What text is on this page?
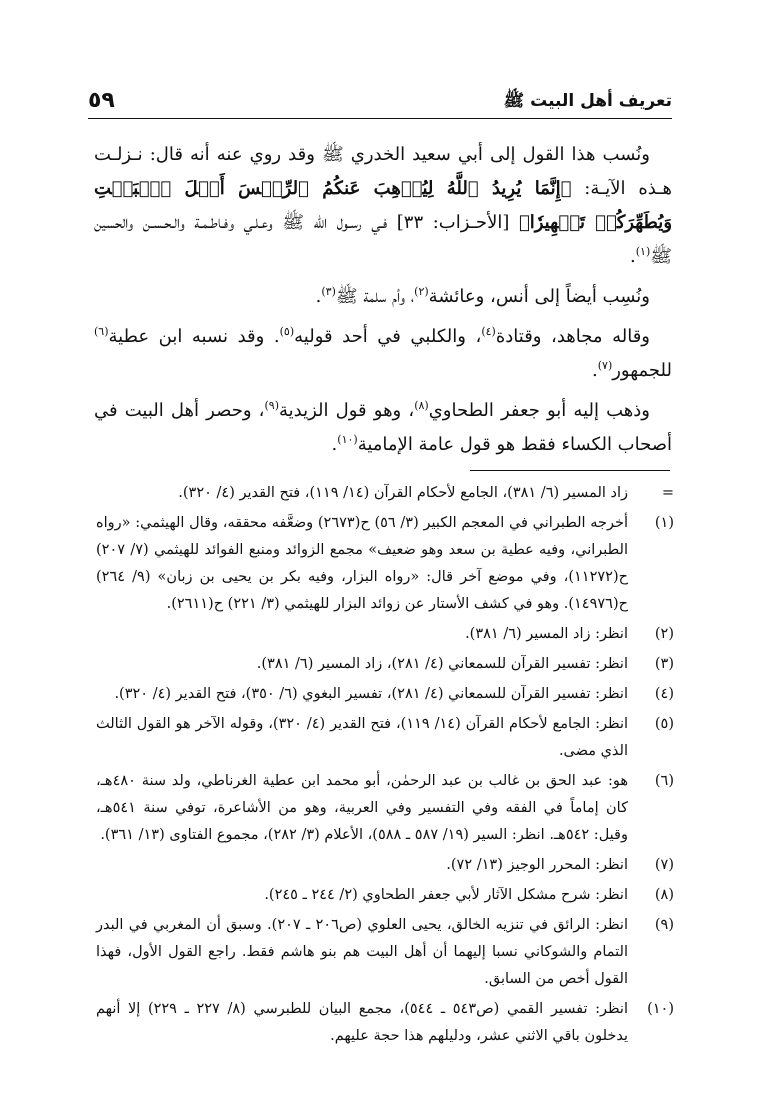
تعريف أهل البيت ﷺ
٥٩

ونُسب هذا القول إلى أبي سعيد الخدري ﷺ وقد روي عنه أنه قال: نـزلـت هـذه الآيـة: ﴿إِنَّمَا يُرِيدُ ٱللَّهُ لِيُذۡهِبَ عَنكُمُ ٱلرِّجۡسَ أَهۡلَ ٱلۡبَيۡتِ وَيُطَهِّرَكُمۡ تَطۡهِيرٗا﴾ [الأحـزاب: ٣٣] فـي رسـول الله ﷺ وعـلـي وفـاطـمـة والـحـسـن والحسين ﷺ$^{(١)}$.

ونُسِب أيضاً إلى أنس، وعائشة$^{(٢)}$، وأم سلمة ﷺ$^{(٣)}$.

وقاله مجاهد، وقتادة$^{(٤)}$، والكلبي في أحد قوليه$^{(٥)}$. وقد نسبه ابن عطية$^{(٦)}$ للجمهور$^{(٧)}$.

وذهب إليه أبو جعفر الطحاوي$^{(٨)}$، وهو قول الزيدية$^{(٩)}$، وحصر أهل البيت في أصحاب الكساء فقط هو قول عامة الإمامية$^{(١٠)}$.

=
زاد المسير (٦/ ٣٨١)، الجامع لأحكام القرآن (١٤/ ١١٩)، فتح القدير (٤/ ٣٢٠).
(١)
أخرجه الطبراني في المعجم الكبير (٣/ ٥٦) ح(٢٦٧٣) وضعَّفه محققه، وقال الهيثمي: «رواه الطبراني، وفيه عطية بن سعد وهو ضعيف» مجمع الزوائد ومنبع الفوائد للهيثمي (٧/ ٢٠٧) ح(١١٢٧٢)، وفي موضع آخر قال: «رواه البزار، وفيه بكر بن يحيى بن زبان» (٩/ ٢٦٤) ح(١٤٩٧٦). وهو في كشف الأستار عن زوائد البزار للهيثمي (٣/ ٢٢١) ح(٢٦١١).
(٢)
انظر: زاد المسير (٦/ ٣٨١).
(٣)
انظر: تفسير القرآن للسمعاني (٤/ ٢٨١)، زاد المسير (٦/ ٣٨١).
(٤)
انظر: تفسير القرآن للسمعاني (٤/ ٢٨١)، تفسير البغوي (٦/ ٣٥٠)، فتح القدير (٤/ ٣٢٠).
(٥)
انظر: الجامع لأحكام القرآن (١٤/ ١١٩)، فتح القدير (٤/ ٣٢٠)، وقوله الآخر هو القول الثالث الذي مضى.
(٦)
هو: عبد الحق بن غالب بن عبد الرحمٰن، أبو محمد ابن عطية الغرناطي، ولد سنة ٤٨٠هـ، كان إماماً في الفقه وفي التفسير وفي العربية، وهو من الأشاعرة، توفي سنة ٥٤١هـ، وقيل: ٥٤٢هـ. انظر: السير (١٩/ ٥٨٧ ـ ٥٨٨)، الأعلام (٣/ ٢٨٢)، مجموع الفتاوى (١٣/ ٣٦١).
(٧)
انظر: المحرر الوجيز (١٣/ ٧٢).
(٨)
انظر: شرح مشكل الآثار لأبي جعفر الطحاوي (٢/ ٢٤٤ ـ ٢٤٥).
(٩)
انظر: الرائق في تنزيه الخالق، يحيى العلوي (ص٢٠٦ ـ ٢٠٧). وسبق أن المغربي في البدر التمام والشوكاني نسبا إليهما أن أهل البيت هم بنو هاشم فقط. راجع القول الأول، فهذا القول أخص من السابق.
(١٠)
انظر: تفسير القمي (ص٥٤٣ ـ ٥٤٤)، مجمع البيان للطبرسي (٨/ ٢٢٧ ـ ٢٢٩) إلا أنهم يدخلون باقي الاثني عشر، ودليلهم هذا حجة عليهم.
